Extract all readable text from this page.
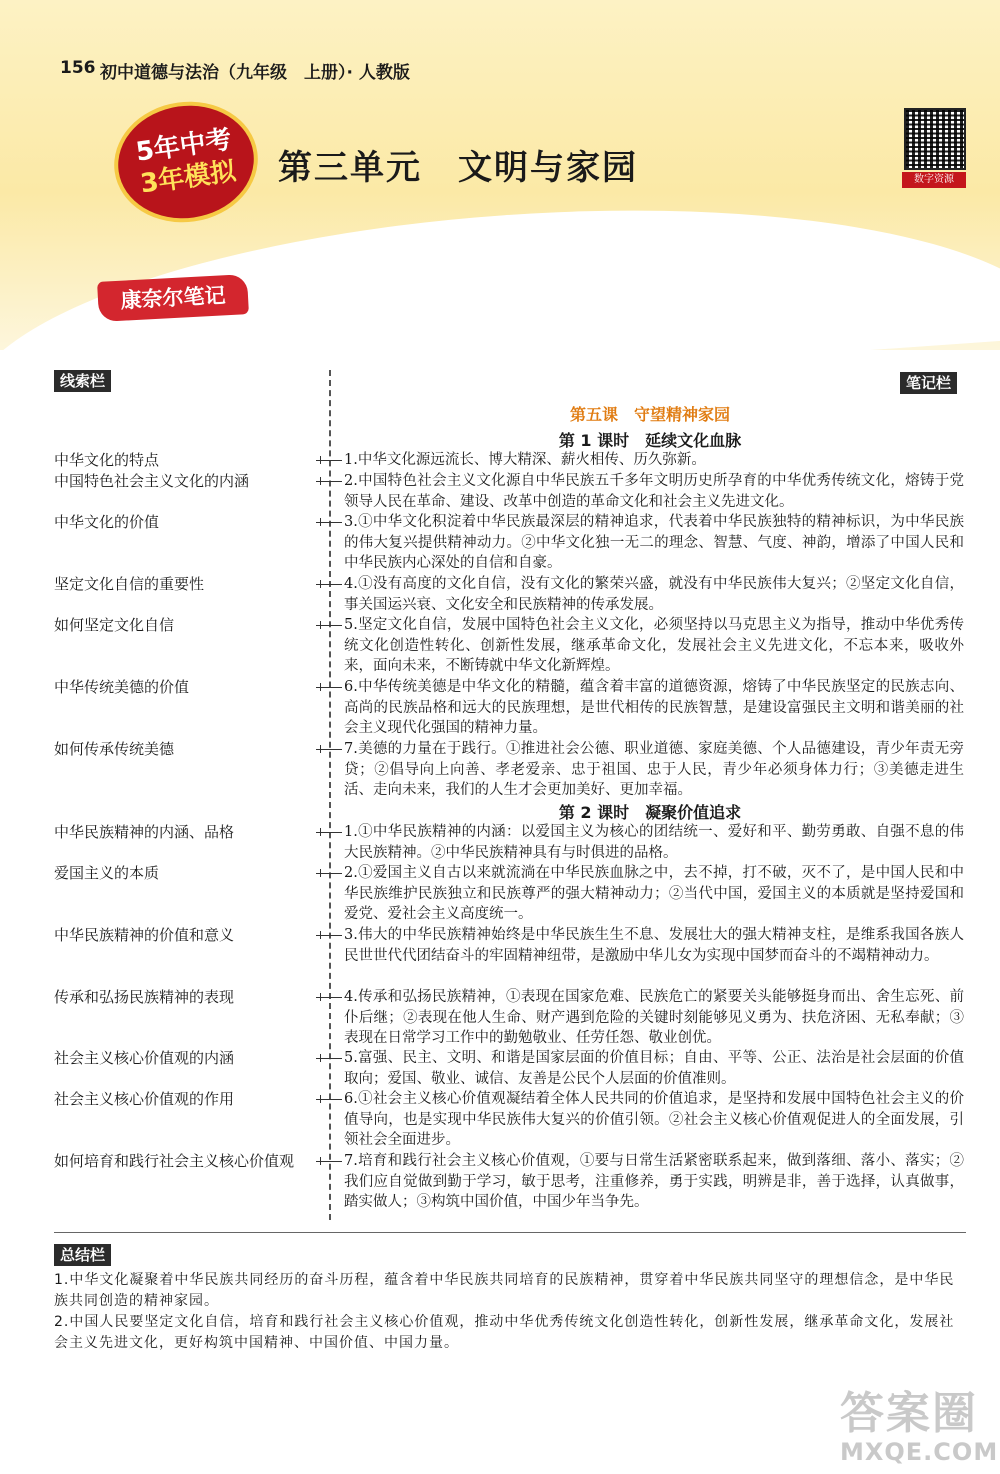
156 初中道德与法治（九年级　上册）· 人教版
5年中考
3年模拟 第三单元　文明与家园	数字资源
康奈尔笔记
线索栏	笔记栏
第五课　守望精神家园
第 1 课时　延续文化血脉
第 2 课时　凝聚价值追求
中华文化的特点
中国特色社会主义文化的内涵
中华文化的价值
坚定文化自信的重要性
如何坚定文化自信
中华传统美德的价值
如何传承传统美德
中华民族精神的内涵、品格
爱国主义的本质
中华民族精神的价值和意义
传承和弘扬民族精神的表现
社会主义核心价值观的内涵
社会主义核心价值观的作用
如何培育和践行社会主义核心价值观
1.中华文化源远流长、博大精深、薪火相传、历久弥新。
2.中国特色社会主义文化源自中华民族五千多年文明历史所孕育的中华优秀传统文化，熔铸于党领导人民在革命、建设、改革中创造的革命文化和社会主义先进文化。
3.①中华文化积淀着中华民族最深层的精神追求，代表着中华民族独特的精神标识，为中华民族的伟大复兴提供精神动力。②中华文化独一无二的理念、智慧、气度、神韵，增添了中国人民和中华民族内心深处的自信和自豪。
4.①没有高度的文化自信，没有文化的繁荣兴盛，就没有中华民族伟大复兴；②坚定文化自信，事关国运兴衰、文化安全和民族精神的传承发展。
5.坚定文化自信，发展中国特色社会主义文化，必须坚持以马克思主义为指导，推动中华优秀传统文化创造性转化、创新性发展，继承革命文化，发展社会主义先进文化，不忘本来，吸收外来，面向未来，不断铸就中华文化新辉煌。
6.中华传统美德是中华文化的精髓，蕴含着丰富的道德资源，熔铸了中华民族坚定的民族志向、高尚的民族品格和远大的民族理想，是世代相传的民族智慧，是建设富强民主文明和谐美丽的社会主义现代化强国的精神力量。
7.美德的力量在于践行。①推进社会公德、职业道德、家庭美德、个人品德建设，青少年责无旁贷；②倡导向上向善、孝老爱亲、忠于祖国、忠于人民，青少年必须身体力行；③美德走进生活、走向未来，我们的人生才会更加美好、更加幸福。
1.①中华民族精神的内涵：以爱国主义为核心的团结统一、爱好和平、勤劳勇敢、自强不息的伟大民族精神。②中华民族精神具有与时俱进的品格。
2.①爱国主义自古以来就流淌在中华民族血脉之中，去不掉，打不破，灭不了，是中国人民和中华民族维护民族独立和民族尊严的强大精神动力；②当代中国，爱国主义的本质就是坚持爱国和爱党、爱社会主义高度统一。
3.伟大的中华民族精神始终是中华民族生生不息、发展壮大的强大精神支柱，是维系我国各族人民世世代代团结奋斗的牢固精神纽带，是激励中华儿女为实现中国梦而奋斗的不竭精神动力。
4.传承和弘扬民族精神，①表现在国家危难、民族危亡的紧要关头能够挺身而出、舍生忘死、前仆后继；②表现在他人生命、财产遇到危险的关键时刻能够见义勇为、扶危济困、无私奉献；③表现在日常学习工作中的勤勉敬业、任劳任怨、敬业创优。
5.富强、民主、文明、和谐是国家层面的价值目标；自由、平等、公正、法治是社会层面的价值取向；爱国、敬业、诚信、友善是公民个人层面的价值准则。
6.①社会主义核心价值观凝结着全体人民共同的价值追求，是坚持和发展中国特色社会主义的价值导向，也是实现中华民族伟大复兴的价值引领。②社会主义核心价值观促进人的全面发展，引领社会全面进步。
7.培育和践行社会主义核心价值观，①要与日常生活紧密联系起来，做到落细、落小、落实；②我们应自觉做到勤于学习，敏于思考，注重修养，勇于实践，明辨是非，善于选择，认真做事，踏实做人；③构筑中国价值，中国少年当争先。
总结栏
1.中华文化凝聚着中华民族共同经历的奋斗历程，蕴含着中华民族共同培育的民族精神，贯穿着中华民族共同坚守的理想信念，是中华民族共同创造的精神家园。
2.中国人民要坚定文化自信，培育和践行社会主义核心价值观，推动中华优秀传统文化创造性转化，创新性发展，继承革命文化，发展社会主义先进文化，更好构筑中国精神、中国价值、中国力量。
答案圈
MXQE.COM
